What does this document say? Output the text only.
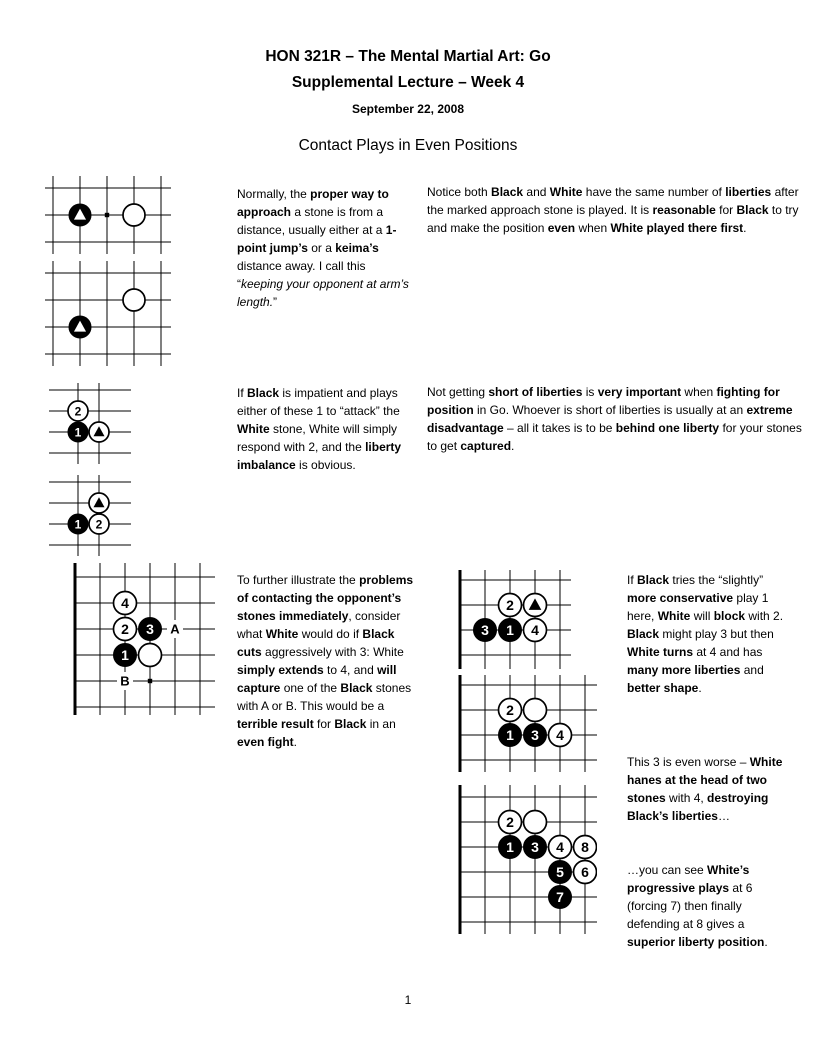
HON 321R – The Mental Martial Art: Go
Supplemental Lecture – Week 4
September 22, 2008
Contact Plays in Even Positions
2
1
1 2
4
2 3
1
A
B
2
3 1 4
2
1 3 4
2
1 3 4 8
5 6
7
Normally, the proper way to approach a stone is from a distance, usually either at a 1-point jump’s or a keima’s distance away. I call this “keeping your opponent at arm’s length.”
Notice both Black and White have the same number of liberties after the marked approach stone is played. It is reasonable for Black to try and make the position even when White played there first.
If Black is impatient and plays either of these 1 to “attack” the White stone, White will simply respond with 2, and the liberty imbalance is obvious.
Not getting short of liberties is very important when fighting for position in Go. Whoever is short of liberties is usually at an extreme disadvantage – all it takes is to be behind one liberty for your stones to get captured.
To further illustrate the problems of contacting the opponent’s stones immediately, consider what White would do if Black cuts aggressively with 3: White simply extends to 4, and will capture one of the Black stones with A or B. This would be a terrible result for Black in an even fight.
If Black tries the “slightly” more conservative play 1 here, White will block with 2. Black might play 3 but then White turns at 4 and has many more liberties and better shape.
This 3 is even worse – White hanes at the head of two stones with 4, destroying Black’s liberties…
…you can see White’s progressive plays at 6 (forcing 7) then finally defending at 8 gives a superior liberty position.
1
